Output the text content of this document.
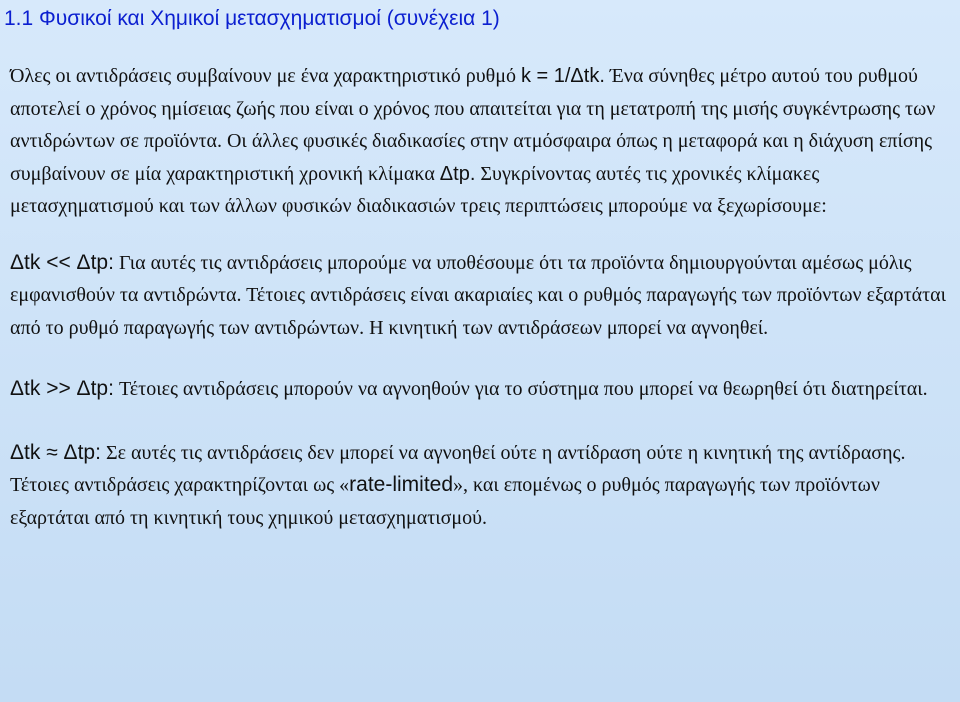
1.1 Φυσικοί και Χημικοί μετασχηματισμοί (συνέχεια 1)

Όλες οι αντιδράσεις συμβαίνουν με ένα χαρακτηριστικό ρυθμό k = 1/Δtk. Ένα σύνηθες μέτρο αυτού του ρυθμού αποτελεί ο χρόνος ημίσειας ζωής που είναι ο χρόνος που απαιτείται για τη μετατροπή της μισής συγκέντρωσης των αντιδρώντων σε προϊόντα. Οι άλλες φυσικές διαδικασίες στην ατμόσφαιρα όπως η μεταφορά και η διάχυση επίσης συμβαίνουν σε μία χαρακτηριστική χρονική κλίμακα Δtp. Συγκρίνοντας αυτές τις χρονικές κλίμακες μετασχηματισμού και των άλλων φυσικών διαδικασιών τρεις περιπτώσεις μπορούμε να ξεχωρίσουμε:

Δtk << Δtp: Για αυτές τις αντιδράσεις μπορούμε να υποθέσουμε ότι τα προϊόντα δημιουργούνται αμέσως μόλις εμφανισθούν τα αντιδρώντα. Τέτοιες αντιδράσεις είναι ακαριαίες και ο ρυθμός παραγωγής των προϊόντων εξαρτάται από το ρυθμό παραγωγής των αντιδρώντων. Η κινητική των αντιδράσεων μπορεί να αγνοηθεί.

Δtk >> Δtp: Τέτοιες αντιδράσεις μπορούν να αγνοηθούν για το σύστημα που μπορεί να θεωρηθεί ότι διατηρείται.

Δtk ≈ Δtp: Σε αυτές τις αντιδράσεις δεν μπορεί να αγνοηθεί ούτε η αντίδραση ούτε η κινητική της αντίδρασης. Τέτοιες αντιδράσεις χαρακτηρίζονται ως «rate-limited», και επομένως ο ρυθμός παραγωγής των προϊόντων εξαρτάται από τη κινητική τους χημικού μετασχηματισμού.
